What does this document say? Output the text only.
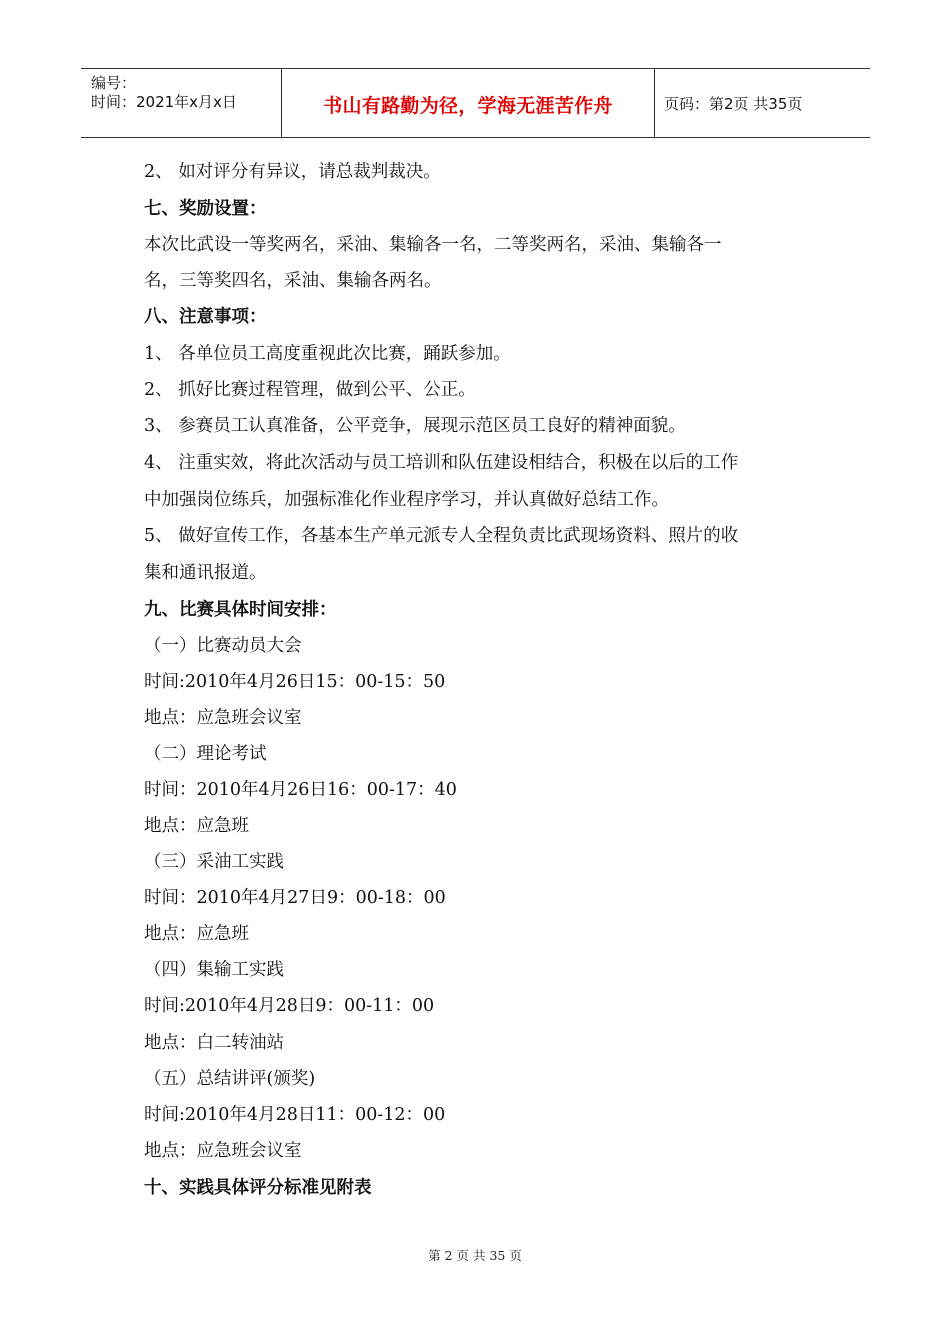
编号：
时间：2021年x月x日	书山有路勤为径，学海无涯苦作舟	页码：第2页 共35页
2、 如对评分有异议，请总裁判裁决。
七、奖励设置：
本次比武设一等奖两名，采油、集输各一名，二等奖两名，采油、集输各一
名，三等奖四名，采油、集输各两名。
八、注意事项：
1、 各单位员工高度重视此次比赛，踊跃参加。
2、 抓好比赛过程管理，做到公平、公正。
3、 参赛员工认真准备，公平竞争，展现示范区员工良好的精神面貌。
4、 注重实效，将此次活动与员工培训和队伍建设相结合，积极在以后的工作
中加强岗位练兵，加强标准化作业程序学习，并认真做好总结工作。
5、 做好宣传工作，各基本生产单元派专人全程负责比武现场资料、照片的收
集和通讯报道。
九、比赛具体时间安排：
（一）比赛动员大会
时间:2010年4月26日15：00-15：50
地点：应急班会议室
（二）理论考试
时间：2010年4月26日16：00-17：40
地点：应急班
（三）采油工实践
时间：2010年4月27日9：00-18：00
地点：应急班
（四）集输工实践
时间:2010年4月28日9：00-11：00
地点：白二转油站
（五）总结讲评(颁奖)
时间:2010年4月28日11：00-12：00
地点：应急班会议室
十、实践具体评分标准见附表
第 2 页 共 35 页
